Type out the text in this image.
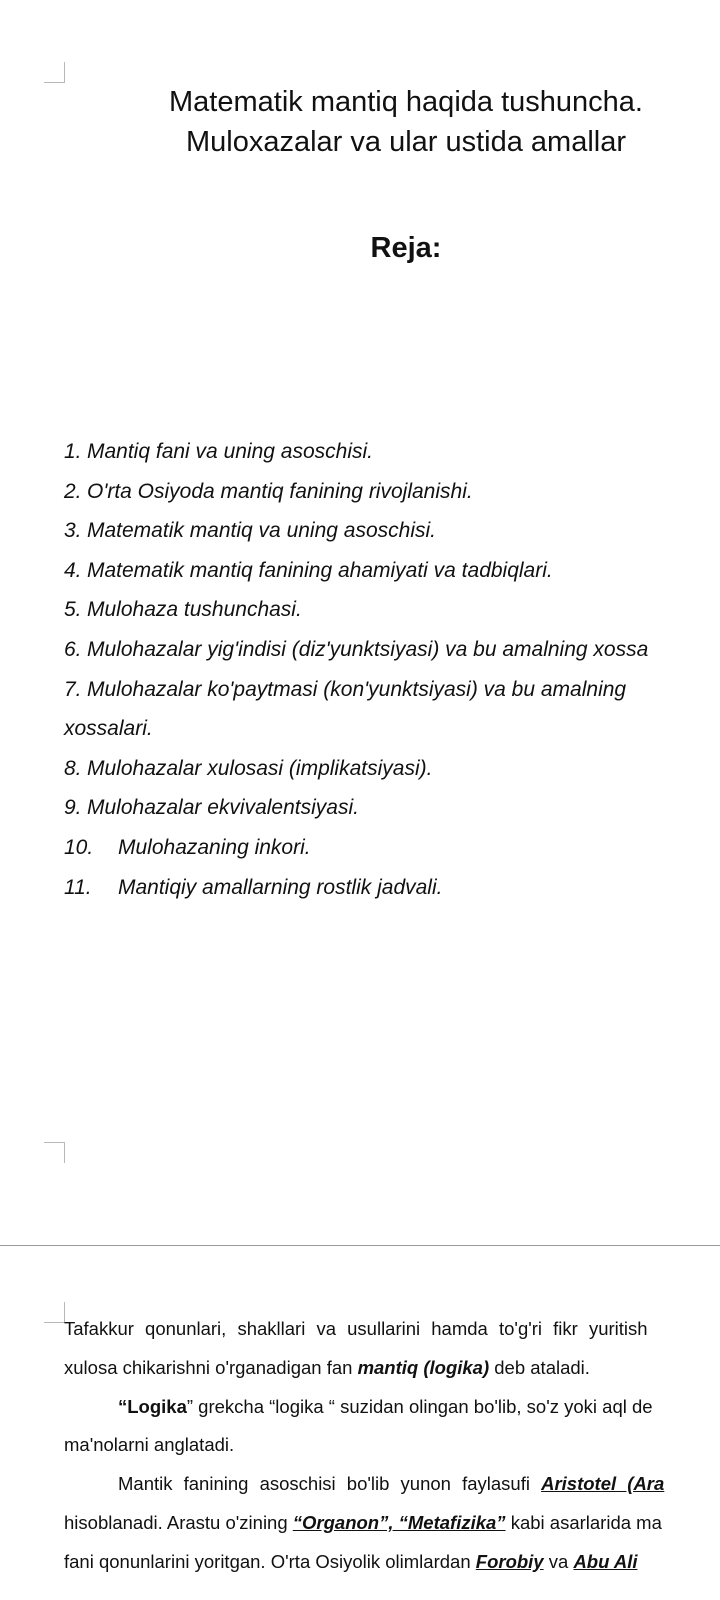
Matematik mantiq haqida tushuncha.
Muloxazalar va ular ustida amallar
Reja:
1. Mantiq fani va uning asoschisi.
2. O'rta Osiyoda mantiq fanining rivojlanishi.
3. Matematik mantiq va uning asoschisi.
4. Matematik mantiq fanining ahamiyati va tadbiqlari.
5. Mulohaza tushunchasi.
6. Mulohazalar yig'indisi (diz'yunktsiyasi) va bu amalning xossa
7. Mulohazalar ko'paytmasi (kon'yunktsiyasi) va bu amalning
xossalari.
8. Mulohazalar xulosasi (implikatsiyasi).
9. Mulohazalar ekvivalentsiyasi.
10.	Mulohazaning inkori.
11.	Mantiqiy amallarning rostlik jadvali.
Tafakkur qonunlari, shakllari va usullarini hamda to'g'ri fikr yuritish
xulosa chikarishni o'rganadigan fan mantiq (logika) deb ataladi.
“Logika” grekcha “logika “ suzidan olingan bo'lib, so'z yoki aql de
ma'nolarni anglatadi.
Mantik fanining asoschisi bo'lib yunon faylasufi Aristotel (Ara
hisoblanadi. Arastu o'zining “Organon”, “Metafizika” kabi asarlarida ma
fani qonunlarini yoritgan. O'rta Osiyolik olimlardan Forobiy va Abu Ali
